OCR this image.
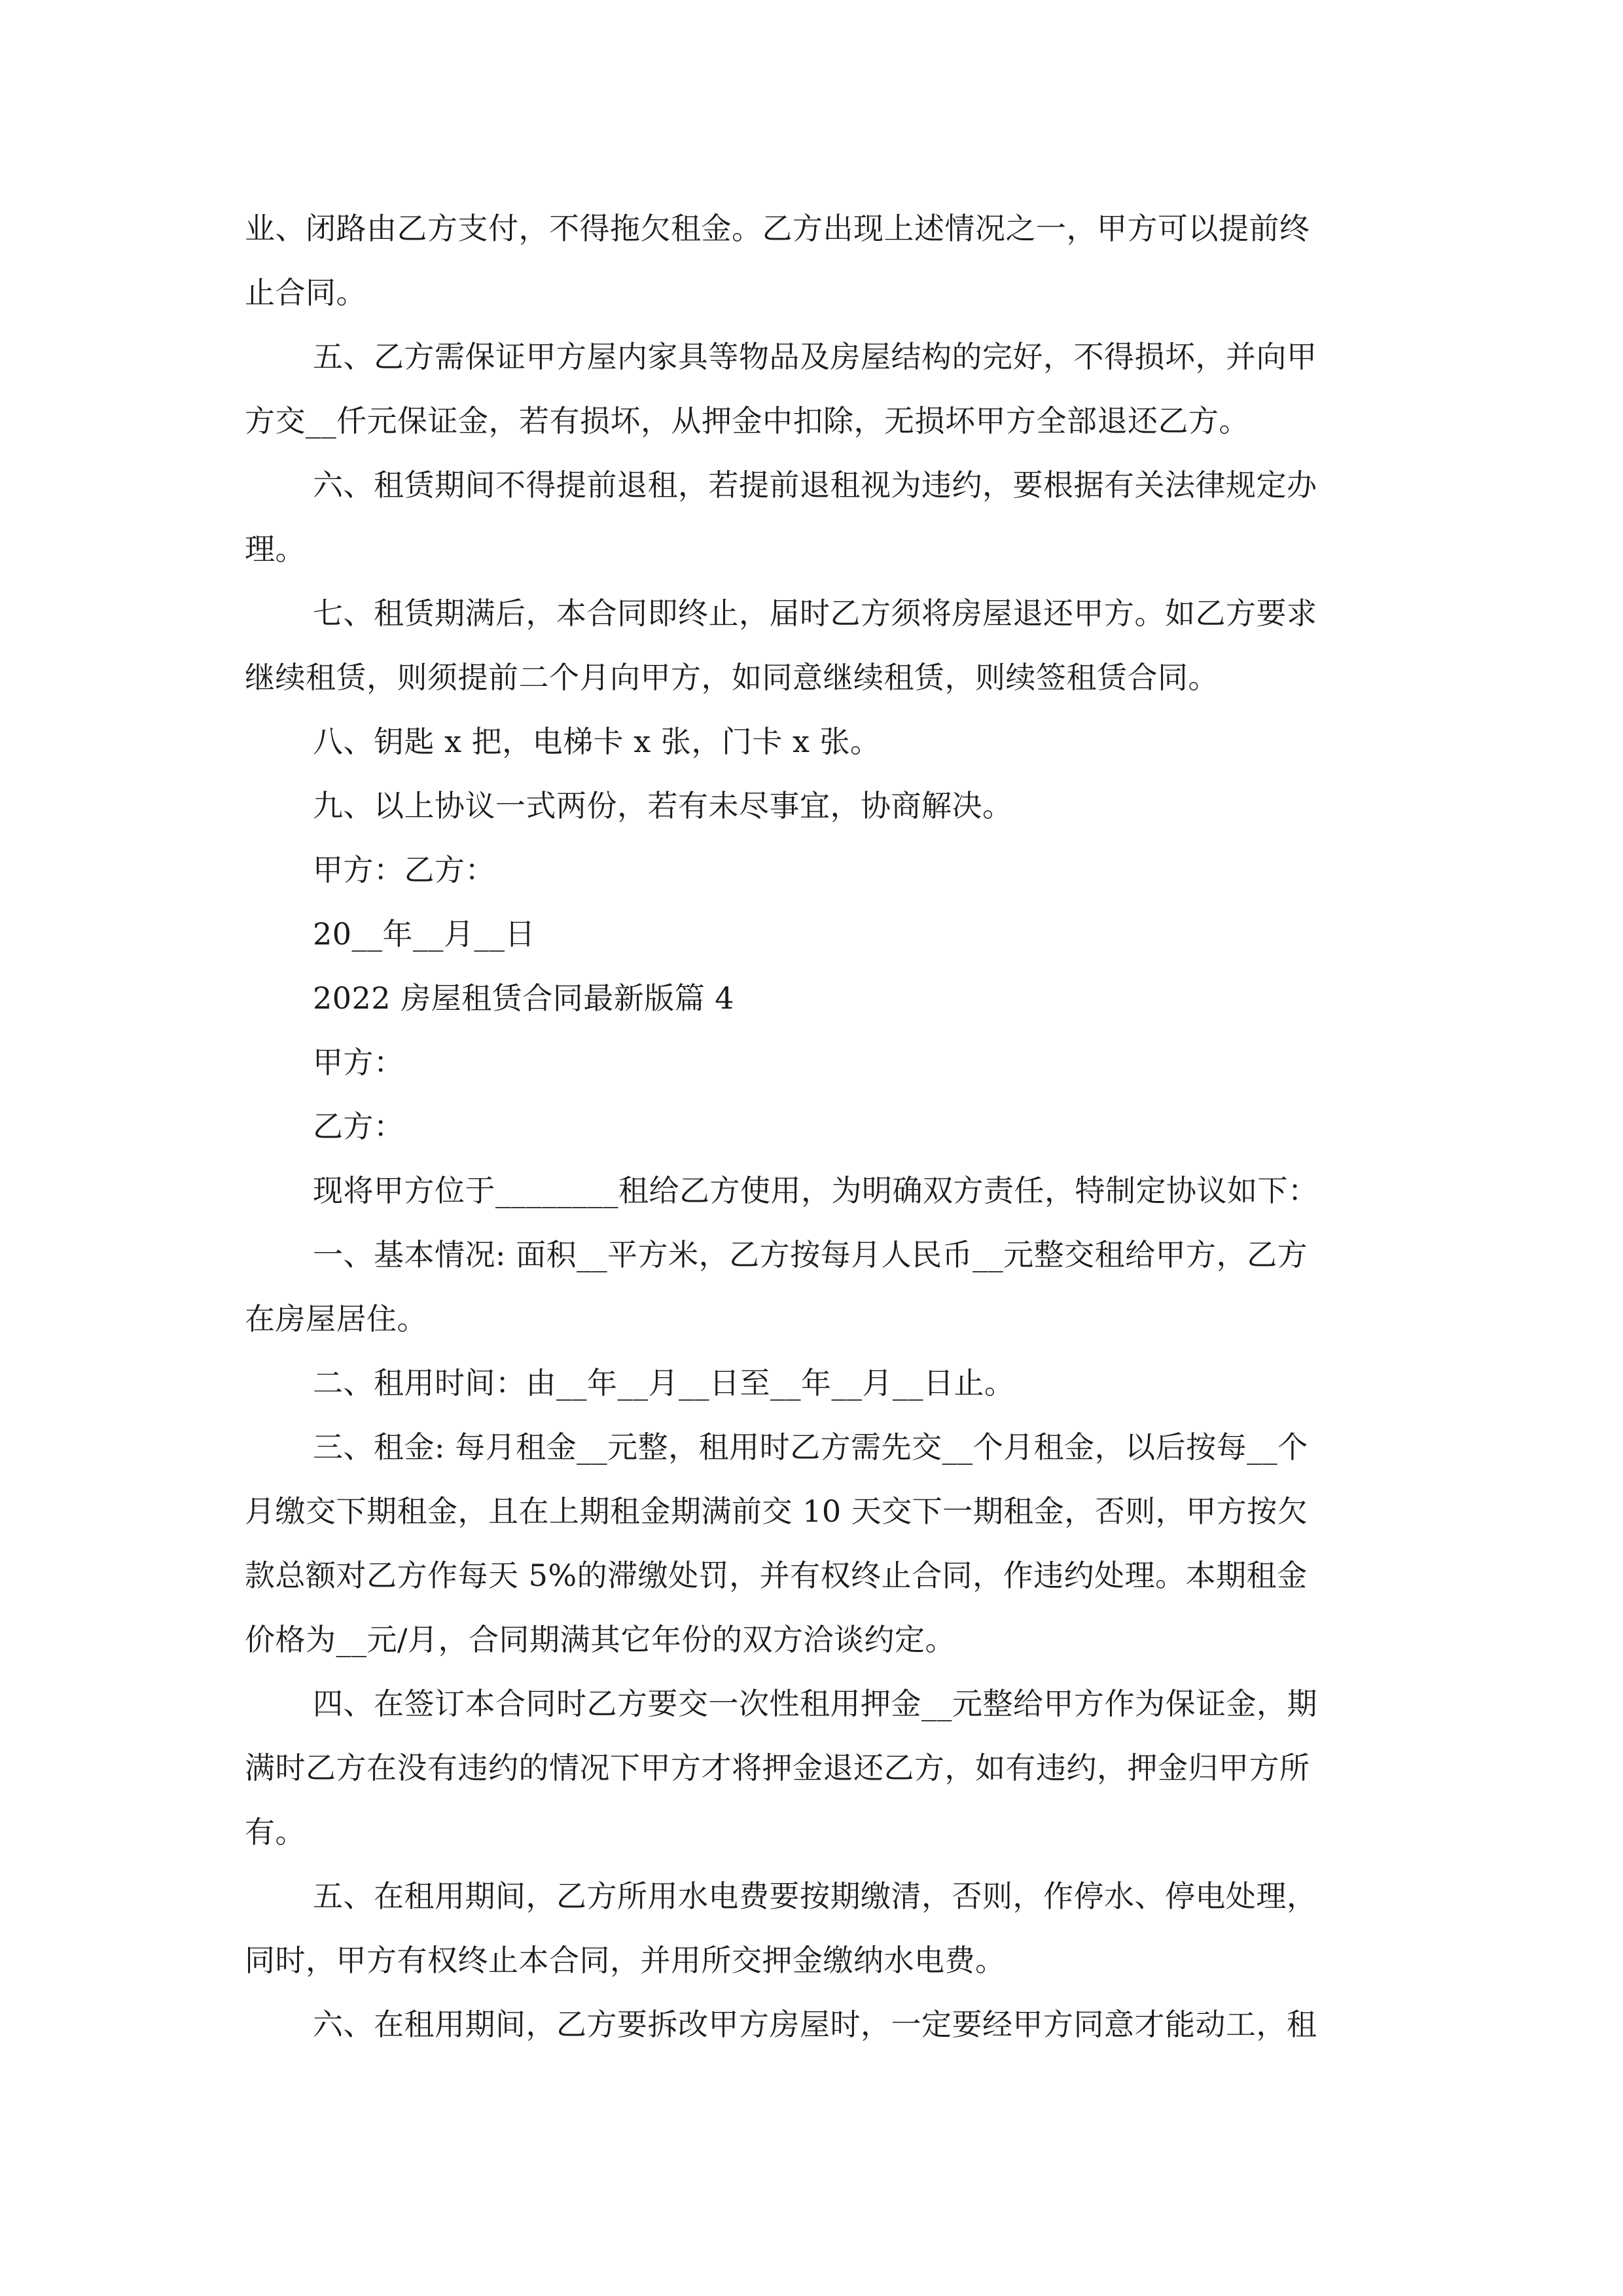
业、闭路由乙方支付，不得拖欠租金。乙方出现上述情况之一，甲方可以提前终
止合同。
五、乙方需保证甲方屋内家具等物品及房屋结构的完好，不得损坏，并向甲
方交__仟元保证金，若有损坏，从押金中扣除，无损坏甲方全部退还乙方。
六、租赁期间不得提前退租，若提前退租视为违约，要根据有关法律规定办
理。
七、租赁期满后，本合同即终止，届时乙方须将房屋退还甲方。如乙方要求
继续租赁，则须提前二个月向甲方，如同意继续租赁，则续签租赁合同。
八、钥匙 x 把，电梯卡 x 张，门卡 x 张。
九、以上协议一式两份，若有未尽事宜，协商解决。
甲方：乙方：
20__年__月__日
2022 房屋租赁合同最新版篇 4
甲方：
乙方：
现将甲方位于________租给乙方使用，为明确双方责任，特制定协议如下：
一、基本情况: 面积__平方米，乙方按每月人民币__元整交租给甲方，乙方
在房屋居住。
二、租用时间：由__年__月__日至__年__月__日止。
三、租金: 每月租金__元整，租用时乙方需先交__个月租金，以后按每__个
月缴交下期租金，且在上期租金期满前交 10 天交下一期租金，否则，甲方按欠
款总额对乙方作每天 5%的滞缴处罚，并有权终止合同，作违约处理。本期租金
价格为__元/月，合同期满其它年份的双方洽谈约定。
四、在签订本合同时乙方要交一次性租用押金__元整给甲方作为保证金，期
满时乙方在没有违约的情况下甲方才将押金退还乙方，如有违约，押金归甲方所
有。
五、在租用期间，乙方所用水电费要按期缴清，否则，作停水、停电处理，
同时，甲方有权终止本合同，并用所交押金缴纳水电费。
六、在租用期间，乙方要拆改甲方房屋时，一定要经甲方同意才能动工，租
